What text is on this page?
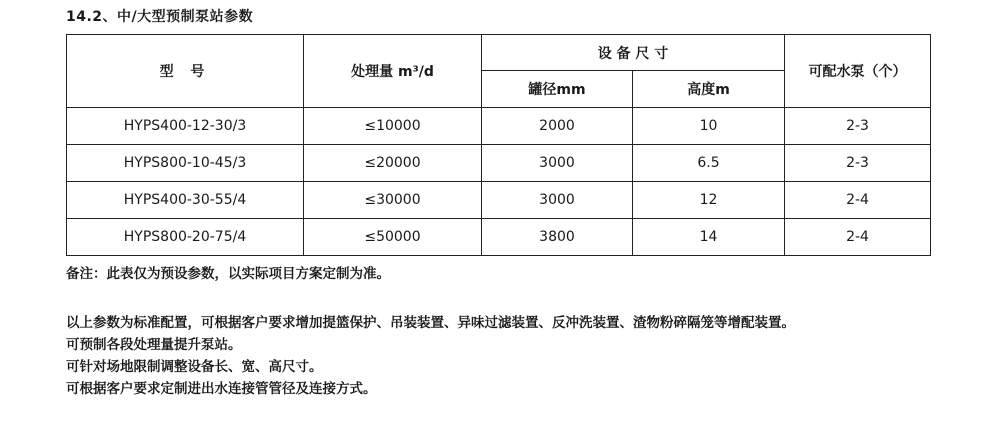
14.2、中/大型预制泵站参数
型 号	处理量 m³/d	设 备 尺 寸		可配水泵（个）
		罐径mm	高度m	
HYPS400-12-30/3	≤10000	2000	10	2-3
HYPS800-10-45/3	≤20000	3000	6.5	2-3
HYPS400-30-55/4	≤30000	3000	12	2-4
HYPS800-20-75/4	≤50000	3800	14	2-4
备注：此表仅为预设参数，以实际项目方案定制为准。
以上参数为标准配置，可根据客户要求增加提篮保护、吊装装置、异味过滤装置、反冲洗装置、渣物粉碎隔笼等增配装置。
可预制各段处理量提升泵站。
可针对场地限制调整设备长、宽、高尺寸。
可根据客户要求定制进出水连接管管径及连接方式。
